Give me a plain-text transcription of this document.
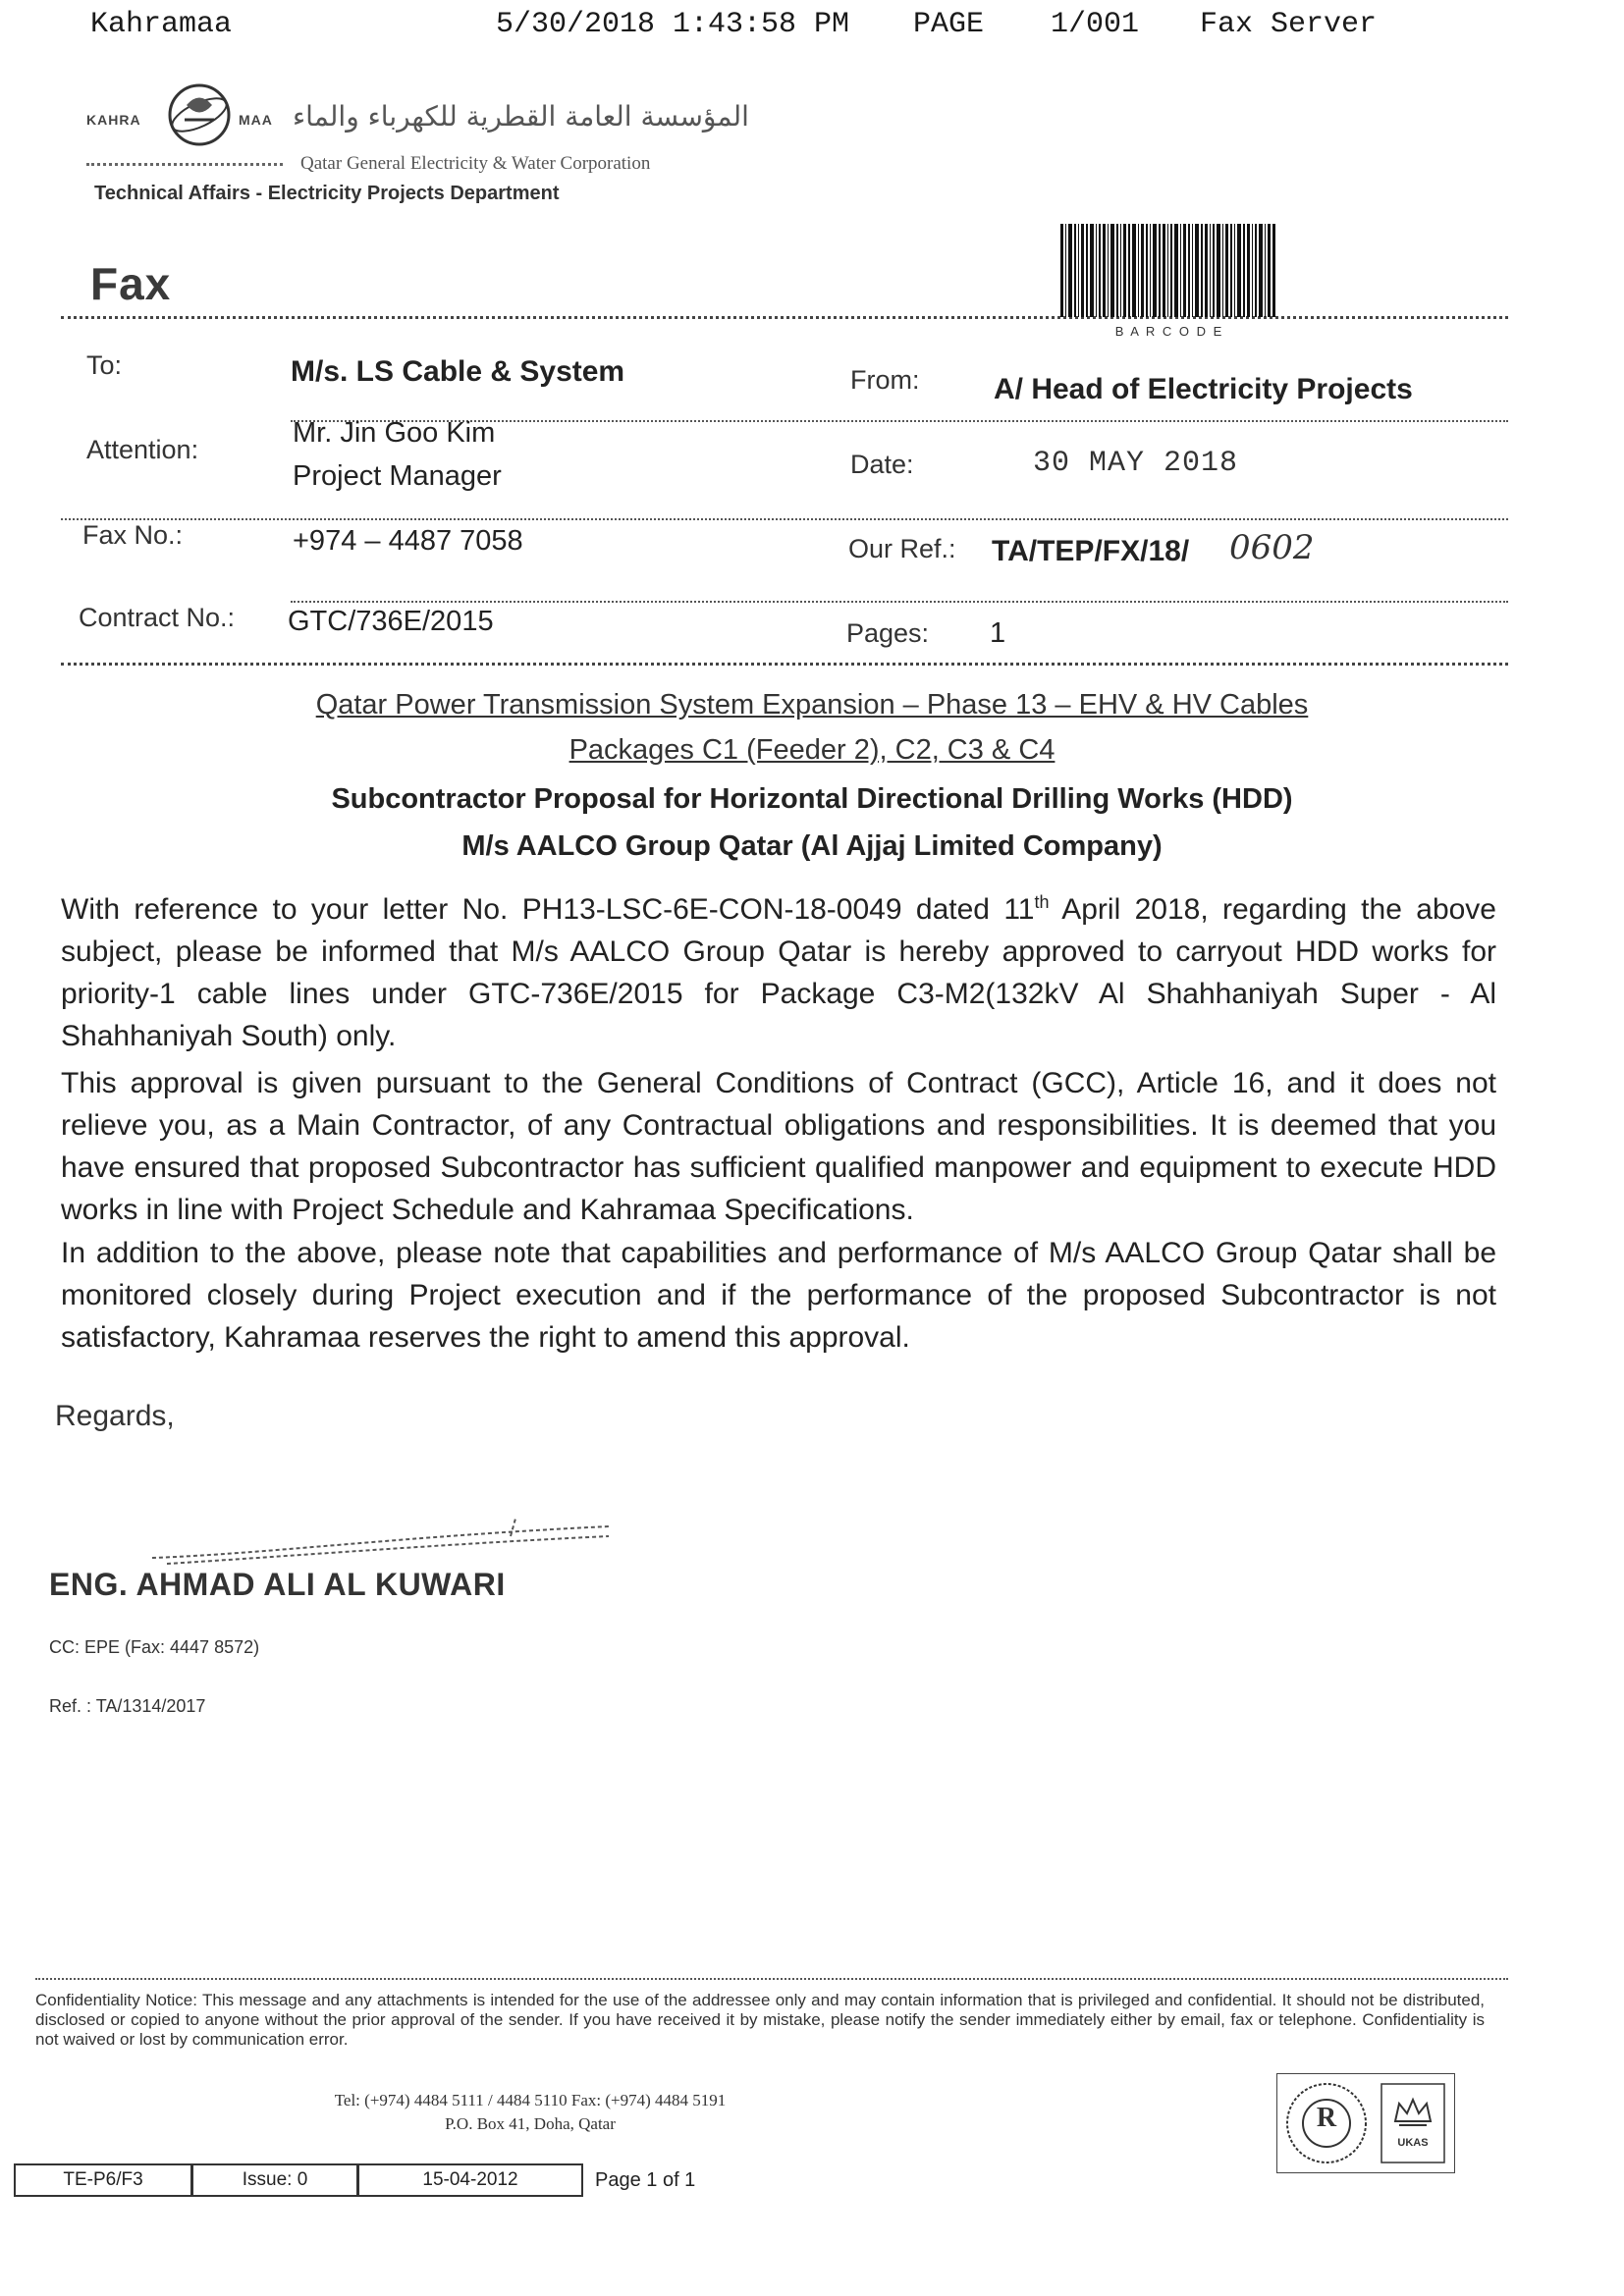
Kahramaa	5/30/2018 1:43:58 PM PAGE 1/001 Fax Server
KAHRA	MAA المؤسسة العامة القطرية للكهرباء والماء
Qatar General Electricity & Water Corporation
Technical Affairs - Electricity Projects Department
Fax
B A R C O D E
To:	M/s. LS Cable & System	From:	A/ Head of Electricity Projects
Attention:
Mr. Jin Goo Kim
Project Manager	Date:	30 MAY 2018
Fax No.:	+974 – 4487 7058	Our Ref.: TA/TEP/FX/18/ 0602
Contract No.: GTC/736E/2015	Pages: 1
Qatar Power Transmission System Expansion – Phase 13 – EHV & HV Cables
Packages C1 (Feeder 2), C2, C3 & C4
Subcontractor Proposal for Horizontal Directional Drilling Works (HDD)
M/s AALCO Group Qatar (Al Ajjaj Limited Company)
With reference to your letter No. PH13-LSC-6E-CON-18-0049 dated 11th April 2018, regarding the above subject, please be informed that M/s AALCO Group Qatar is hereby approved to carryout HDD works for priority-1 cable lines under GTC-736E/2015 for Package C3-M2(132kV Al Shahhaniyah Super - Al Shahhaniyah South) only.
This approval is given pursuant to the General Conditions of Contract (GCC), Article 16, and it does not relieve you, as a Main Contractor, of any Contractual obligations and responsibilities. It is deemed that you have ensured that proposed Subcontractor has sufficient qualified manpower and equipment to execute HDD works in line with Project Schedule and Kahramaa Specifications.
In addition to the above, please note that capabilities and performance of M/s AALCO Group Qatar shall be monitored closely during Project execution and if the performance of the proposed Subcontractor is not satisfactory, Kahramaa reserves the right to amend this approval.
Regards,
ENG. AHMAD ALI AL KUWARI
CC: EPE (Fax: 4447 8572)
Ref. : TA/1314/2017
Confidentiality Notice: This message and any attachments is intended for the use of the addressee only and may contain information that is privileged and confidential. It should not be distributed, disclosed or copied to anyone without the prior approval of the sender. If you have received it by mistake, please notify the sender immediately either by email, fax or telephone. Confidentiality is not waived or lost by communication error.
Tel: (+974) 4484 5111 / 4484 5110 Fax: (+974) 4484 5191
P.O. Box 41, Doha, Qatar	R
UKAS
TE-P6/F3	Issue: 0	15-04-2012	Page 1 of 1
